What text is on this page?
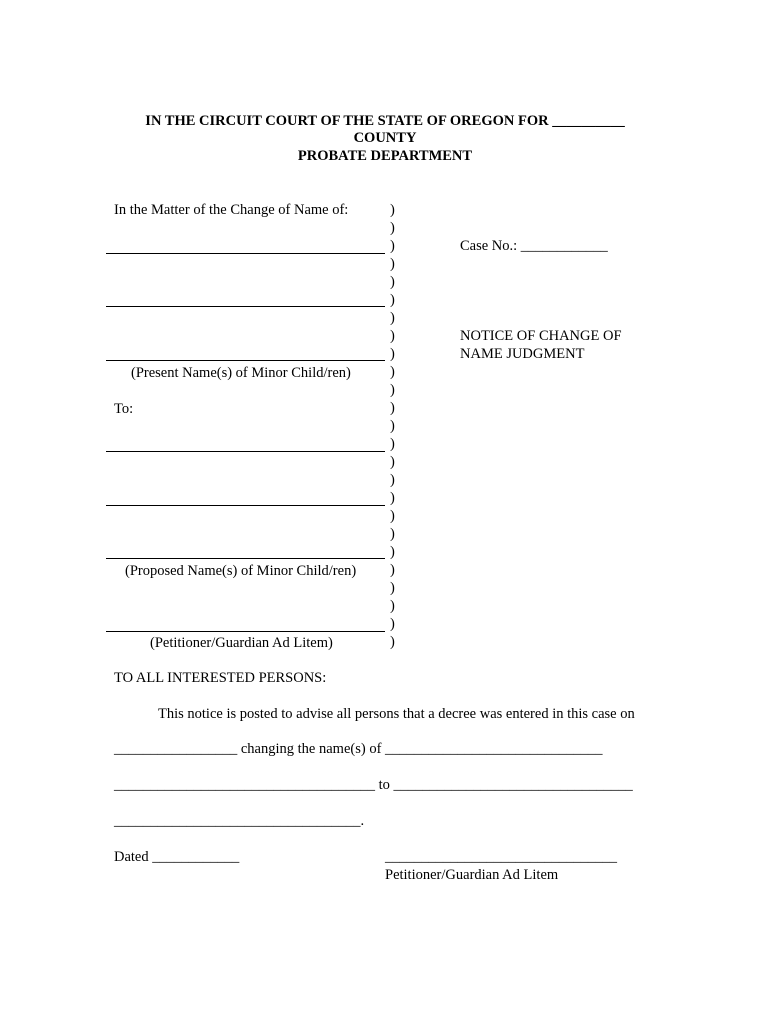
IN THE CIRCUIT COURT OF THE STATE OF OREGON FOR __________
COUNTY
PROBATE DEPARTMENT
In the Matter of the Change of Name of:
(Present Name(s) of Minor Child/ren)
To:
(Proposed Name(s) of Minor Child/ren)
(Petitioner/Guardian Ad Litem)
)
)
)
)
)
)
)
)
)
)
)
)
)
)
)
)
)
)
)
)
)
)
)
)
)
Case No.: ____________
NOTICE OF CHANGE OF
NAME JUDGMENT
TO ALL INTERESTED PERSONS:
This notice is posted to advise all persons that a decree was entered in this case on
_________________ changing the name(s) of ______________________________
____________________________________ to _________________________________
__________________________________.
Dated ____________	________________________________
Petitioner/Guardian Ad Litem
